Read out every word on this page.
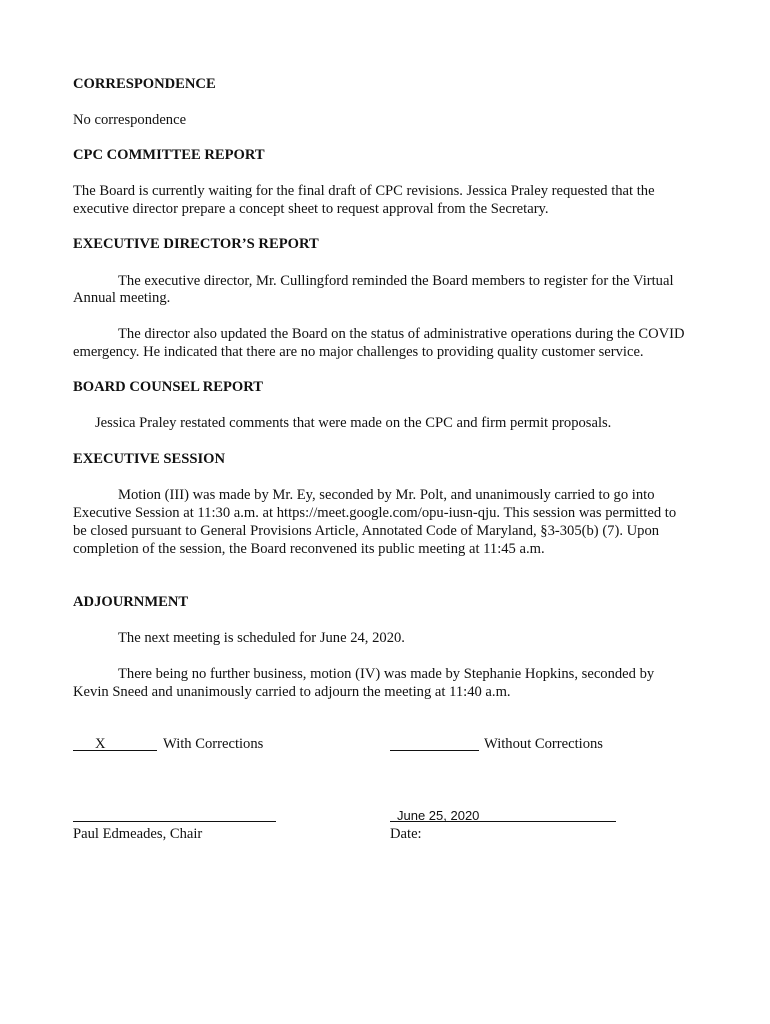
CORRESPONDENCE
No correspondence
CPC COMMITTEE REPORT
The Board is currently waiting for the final draft of CPC revisions. Jessica Praley requested that the
executive director prepare a concept sheet to request approval from the Secretary.
EXECUTIVE DIRECTOR’S REPORT
The executive director, Mr. Cullingford reminded the Board members to register for the Virtual
Annual meeting.
The director also updated the Board on the status of administrative operations during the COVID
emergency. He indicated that there are no major challenges to providing quality customer service.
BOARD COUNSEL REPORT
Jessica Praley restated comments that were made on the CPC and firm permit proposals.
EXECUTIVE SESSION
Motion (III) was made by Mr. Ey, seconded by Mr. Polt, and unanimously carried to go into
Executive Session at 11:30 a.m. at https://meet.google.com/opu-iusn-qju. This session was permitted to
be closed pursuant to General Provisions Article, Annotated Code of Maryland, §3-305(b) (7). Upon
completion of the session, the Board reconvened its public meeting at 11:45 a.m.
ADJOURNMENT
The next meeting is scheduled for June 24, 2020.
There being no further business, motion (IV) was made by Stephanie Hopkins, seconded by
Kevin Sneed and unanimously carried to adjourn the meeting at 11:40 a.m.
X	With Corrections	Without Corrections
Paul Edmeades, Chair
June 25, 2020
Date:
